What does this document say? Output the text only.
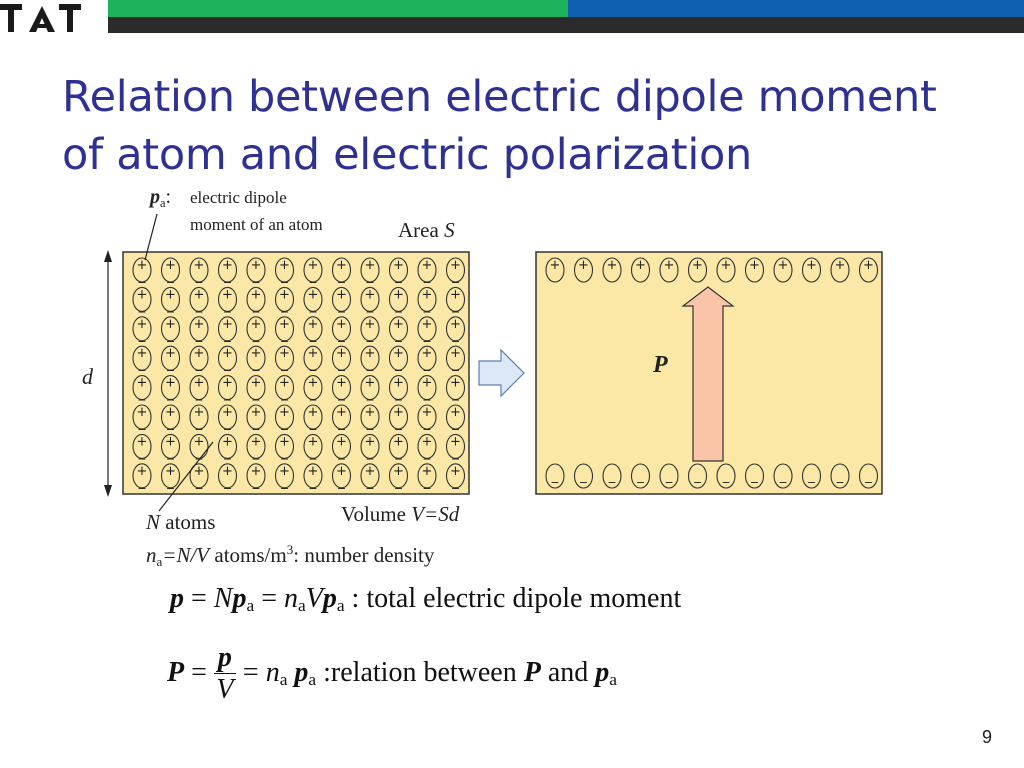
Relation between electric dipole moment
of atom and electric polarization
+
_
+
_
+
_
+
_
+
_
+
_
+
_
+
_
+
_
+
_
+
_
+
_
+
_
+
_
+
_
+
_
+
_
+
_
+
_
+
_
+
_
+
_
+
_
+
_
+
_
+
_
+
_
+
_
+
_
+
_
+
_
+
_
+
_
+
_
+
_
+
_
+
_
+
_
+
_
+
_
+
_
+
_
+
_
+
_
+
_
+
_
+
_
+
_
+
_
+
_
+
_
+
_
+
_
+
_
+
_
+
_
+
_
+
_
+
_
+
_
+
_
+
_
+
_
+
_
+
_
+
_
+
_
+
_
+
_
+
_
+
_
+
_
+
_
+
_
+
_
+
_
+
_
+
_
+
_
+
_
+
_
+
_
+
_
+
_
+
_
+
_
+
_
+
_
+
_
+
_
+
_
+
_
+
_
+
_
+
_
+
_
+ + + + + + + + + + + +
_ _ _ _ _ _ _ _ _ _ _ _
$p_a$: electric dipole
moment of an atom	Area S
d	P
N atoms	Volume V=Sd
$n_a=N/V$ atoms/$m^3$: number density
$p = Np_a = n_aVp_a$ : total electric dipole moment
$P = \frac{p}{V} = n_a$ $p_a$ :relation between P and $p_a$
9
